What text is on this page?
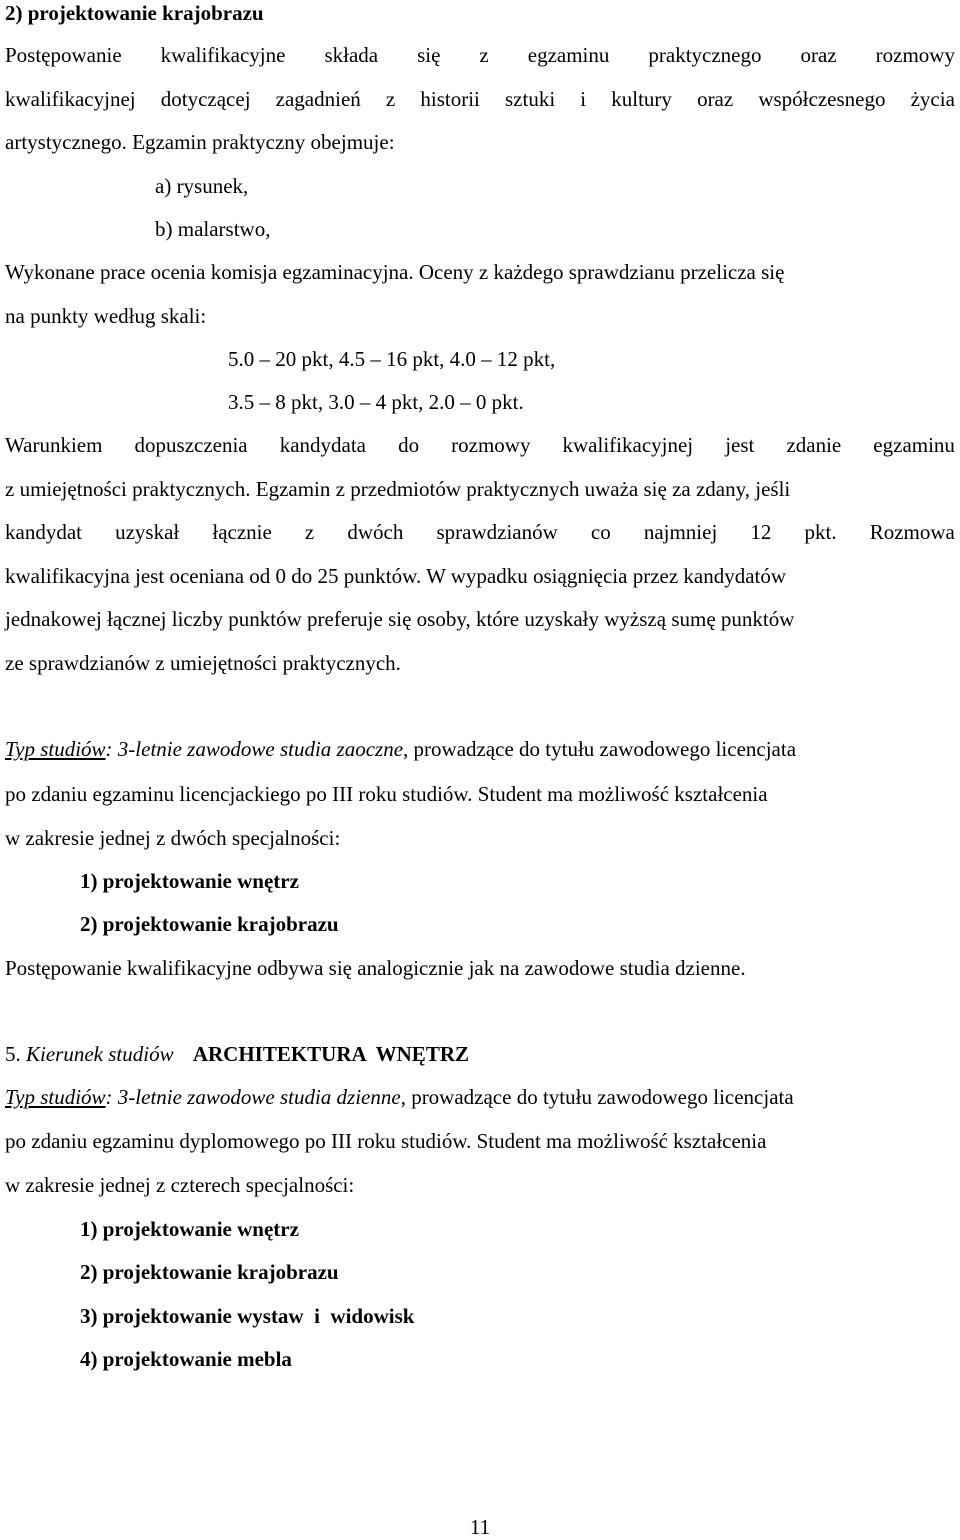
2) projektowanie krajobrazu
Postępowanie kwalifikacyjne składa się z egzaminu praktycznego oraz rozmowy
kwalifikacyjnej dotyczącej zagadnień z historii sztuki i kultury oraz współczesnego życia
artystycznego. Egzamin praktyczny obejmuje:
a) rysunek,
b) malarstwo,
Wykonane prace ocenia komisja egzaminacyjna. Oceny z każdego sprawdzianu przelicza się
na punkty według skali:
5.0 – 20 pkt, 4.5 – 16 pkt, 4.0 – 12 pkt,
3.5 – 8 pkt, 3.0 – 4 pkt, 2.0 – 0 pkt.
Warunkiem dopuszczenia kandydata do rozmowy kwalifikacyjnej jest zdanie egzaminu
z umiejętności praktycznych. Egzamin z przedmiotów praktycznych uważa się za zdany, jeśli
kandydat uzyskał łącznie z dwóch sprawdzianów co najmniej 12 pkt. Rozmowa
kwalifikacyjna jest oceniana od 0 do 25 punktów. W wypadku osiągnięcia przez kandydatów
jednakowej łącznej liczby punktów preferuje się osoby, które uzyskały wyższą sumę punktów
ze sprawdzianów z umiejętności praktycznych.
Typ studiów: 3-letnie zawodowe studia zaoczne, prowadzące do tytułu zawodowego licencjata
po zdaniu egzaminu licencjackiego po III roku studiów. Student ma możliwość kształcenia
w zakresie jednej z dwóch specjalności:
1) projektowanie wnętrz
2) projektowanie krajobrazu
Postępowanie kwalifikacyjne odbywa się analogicznie jak na zawodowe studia dzienne.
5. Kierunek studiów ARCHITEKTURA  WNĘTRZ
Typ studiów: 3-letnie zawodowe studia dzienne, prowadzące do tytułu zawodowego licencjata
po zdaniu egzaminu dyplomowego po III roku studiów. Student ma możliwość kształcenia
w zakresie jednej z czterech specjalności:
1) projektowanie wnętrz
2) projektowanie krajobrazu
3) projektowanie wystaw  i  widowisk
4) projektowanie mebla
11
